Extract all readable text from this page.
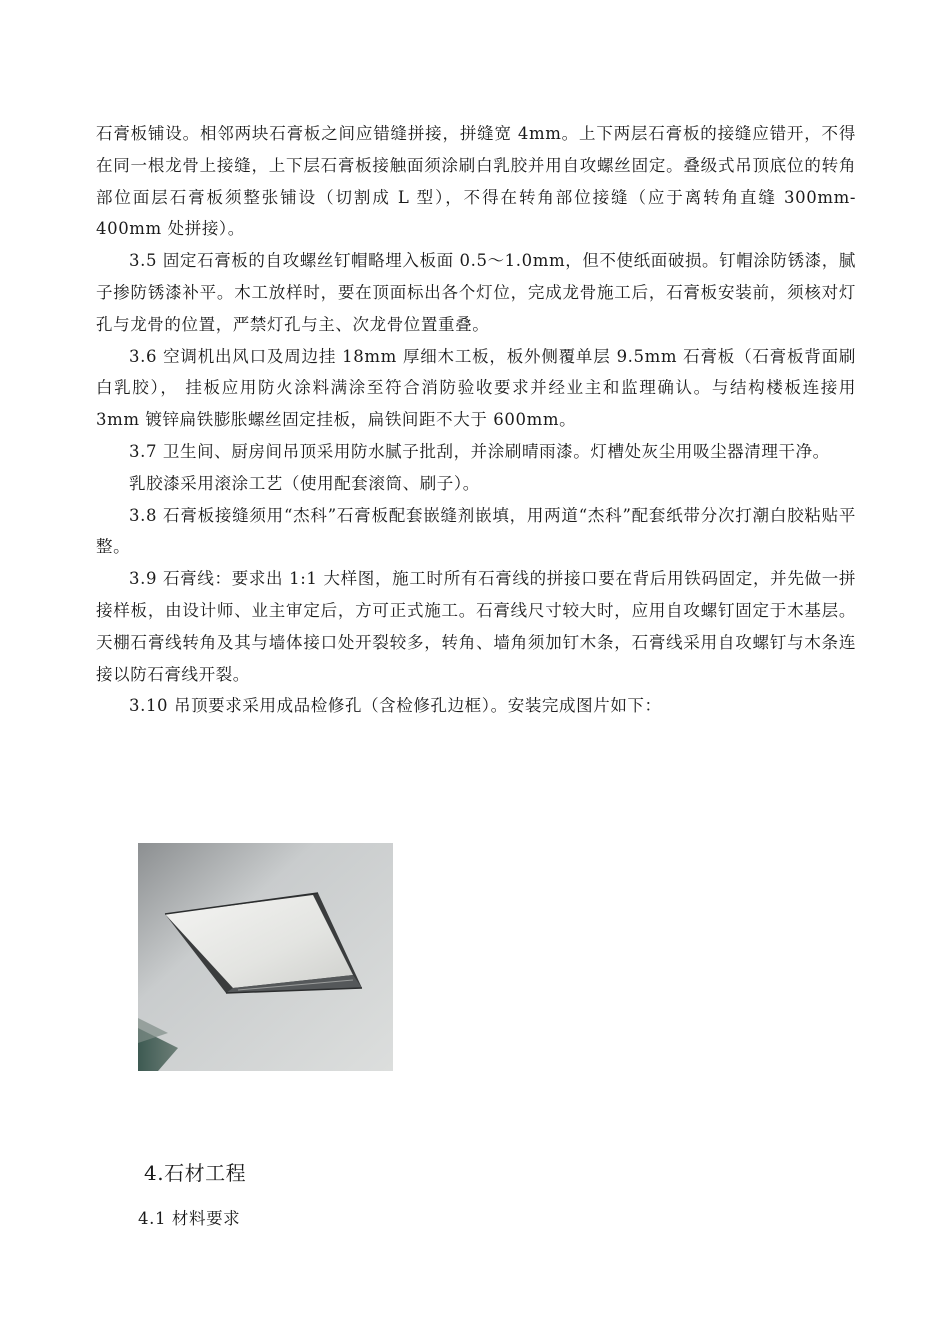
石膏板铺设。相邻两块石膏板之间应错缝拼接，拼缝宽 4mm。上下两层石膏板的接缝应错开，不得在同一根龙骨上接缝，上下层石膏板接触面须涂刷白乳胶并用自攻螺丝固定。叠级式吊顶底位的转角部位面层石膏板须整张铺设（切割成 L 型），不得在转角部位接缝（应于离转角直缝 300mm-400mm 处拼接）。

3.5 固定石膏板的自攻螺丝钉帽略埋入板面 0.5～1.0mm，但不使纸面破损。钉帽涂防锈漆，腻子掺防锈漆补平。木工放样时，要在顶面标出各个灯位，完成龙骨施工后，石膏板安装前，须核对灯孔与龙骨的位置，严禁灯孔与主、次龙骨位置重叠。

3.6 空调机出风口及周边挂 18mm 厚细木工板，板外侧覆单层 9.5mm 石膏板（石膏板背面刷白乳胶）， 挂板应用防火涂料满涂至符合消防验收要求并经业主和监理确认。与结构楼板连接用 3mm 镀锌扁铁膨胀螺丝固定挂板，扁铁间距不大于 600mm。

3.7 卫生间、厨房间吊顶采用防水腻子批刮，并涂刷晴雨漆。灯槽处灰尘用吸尘器清理干净。

乳胶漆采用滚涂工艺（使用配套滚筒、刷子）。

3.8 石膏板接缝须用“杰科”石膏板配套嵌缝剂嵌填，用两道“杰科”配套纸带分次打潮白胶粘贴平整。

3.9 石膏线：要求出 1:1 大样图，施工时所有石膏线的拼接口要在背后用铁码固定，并先做一拼接样板，由设计师、业主审定后，方可正式施工。石膏线尺寸较大时，应用自攻螺钉固定于木基层。天棚石膏线转角及其与墙体接口处开裂较多，转角、墙角须加钉木条，石膏线采用自攻螺钉与木条连接以防石膏线开裂。

3.10 吊顶要求采用成品检修孔（含检修孔边框）。安装完成图片如下：

4.石材工程
4.1 材料要求
